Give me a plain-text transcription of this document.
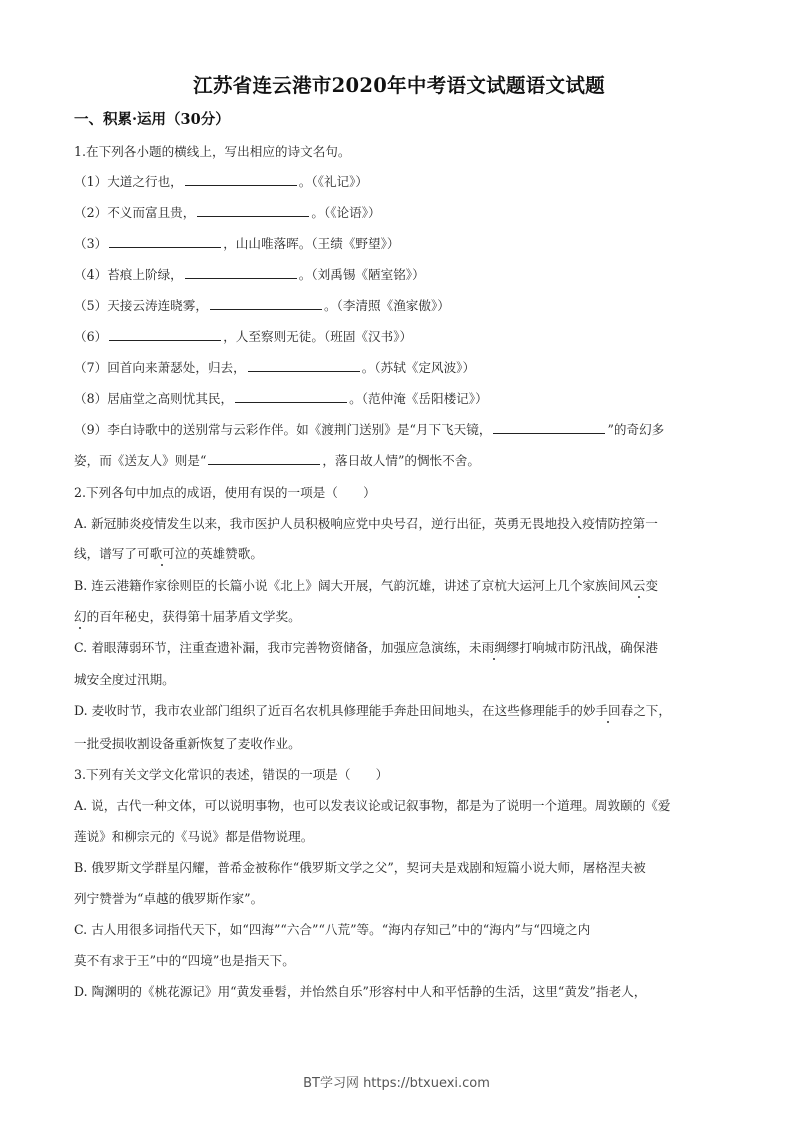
江苏省连云港市2020年中考语文试题语文试题
一、积累·运用（30分）
1.在下列各小题的横线上，写出相应的诗文名句。
（1）大道之行也，	。（《礼记》）
（2）不义而富且贵，	。（《论语》）
（3）	，山山唯落晖。（王绩《野望》）
（4）苔痕上阶绿，	。（刘禹锡《陋室铭》）
（5）天接云涛连晓雾，	。（李清照《渔家傲》）
（6）	，人至察则无徒。（班固《汉书》）
（7）回首向来萧瑟处，归去，	。（苏轼《定风波》）
（8）居庙堂之高则忧其民，	。（范仲淹《岳阳楼记》）
（9）李白诗歌中的送别常与云彩作伴。如《渡荆门送别》是“月下飞天镜，	”的奇幻多
姿，而《送友人》则是“	，落日故人情”的惆怅不舍。
2.下列各句中加点的成语，使用有误的一项是（　　）
A. 新冠肺炎疫情发生以来，我市医护人员积极响应党中央号召，逆行出征，英勇无畏地投入疫情防控第一
线，谱写了可歌可泣的英雄赞歌。
B. 连云港籍作家徐则臣的长篇小说《北上》阔大开展，气韵沉雄，讲述了京杭大运河上几个家族间风云变
幻的百年秘史，获得第十届茅盾文学奖。
C. 着眼薄弱环节，注重查遗补漏，我市完善物资储备，加强应急演练，未雨绸缪打响城市防汛战，确保港
城安全度过汛期。
D. 麦收时节，我市农业部门组织了近百名农机具修理能手奔赴田间地头，在这些修理能手的妙手回春之下，
一批受损收割设备重新恢复了麦收作业。
3.下列有关文学文化常识的表述，错误的一项是（　　）
A. 说，古代一种文体，可以说明事物，也可以发表议论或记叙事物，都是为了说明一个道理。周敦颐的《爱
莲说》和柳宗元的《马说》都是借物说理。
B. 俄罗斯文学群星闪耀，普希金被称作“俄罗斯文学之父”，契诃夫是戏剧和短篇小说大师，屠格涅夫被
列宁赞誉为“卓越的俄罗斯作家”。
C. 古人用很多词指代天下，如“四海”“六合”“八荒”等。“海内存知己”中的“海内”与“四境之内
莫不有求于王”中的“四境”也是指天下。
D. 陶渊明的《桃花源记》用“黄发垂髫，并怡然自乐”形容村中人和平恬静的生活，这里“黄发”指老人，
BT学习网 https://btxuexi.com
